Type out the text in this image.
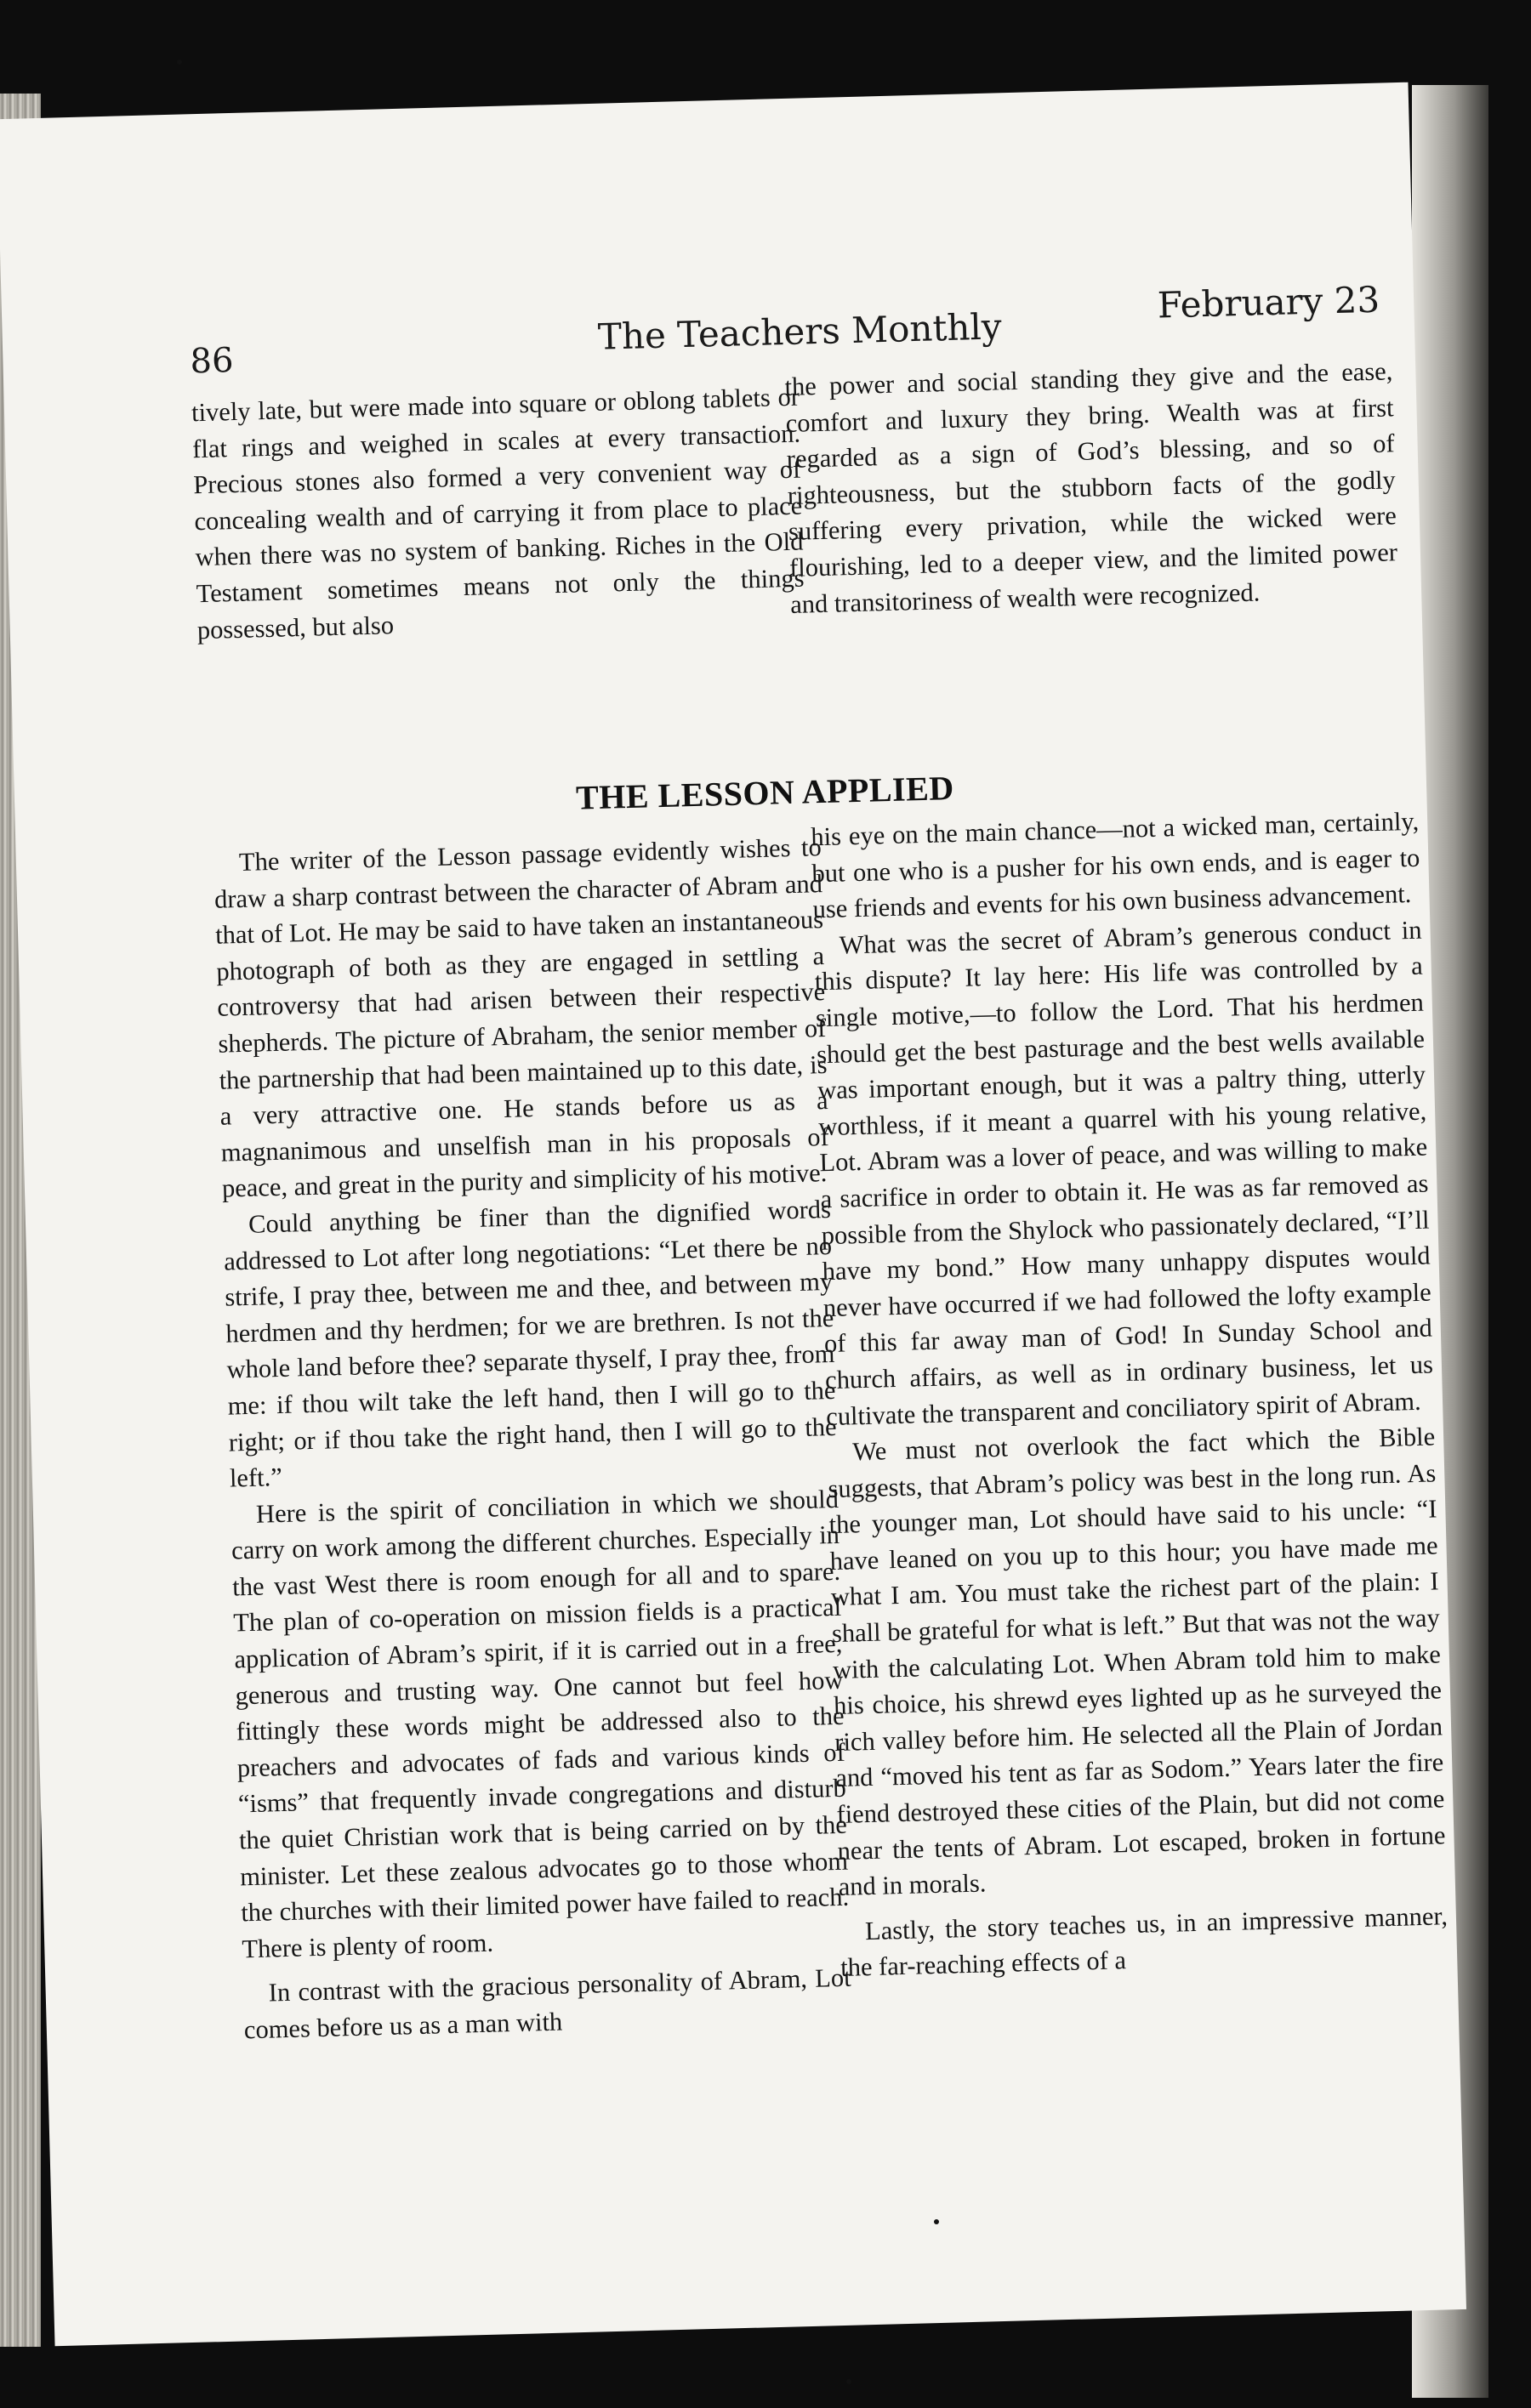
86
The Teachers Monthly
February 23

tively late, but were made into square or oblong tablets or flat rings and weighed in scales at every transaction. Precious stones also formed a very convenient way of concealing wealth and of carrying it from place to place when there was no system of banking. Riches in the Old Testament sometimes means not only the things possessed, but also

the power and social standing they give and the ease, comfort and luxury they bring. Wealth was at first regarded as a sign of God’s blessing, and so of righteousness, but the stubborn facts of the godly suffering every privation, while the wicked were flourishing, led to a deeper view, and the limited power and transitoriness of wealth were recognized.

THE LESSON APPLIED

The writer of the Lesson passage evidently wishes to draw a sharp contrast between the character of Abram and that of Lot. He may be said to have taken an instantaneous photograph of both as they are engaged in settling a controversy that had arisen between their respective shepherds. The picture of Abraham, the senior member of the partnership that had been maintained up to this date, is a very attractive one. He stands before us as a magnanimous and unselfish man in his proposals of peace, and great in the purity and simplicity of his motive.

Could anything be finer than the dignified words addressed to Lot after long negotiations: “Let there be no strife, I pray thee, between me and thee, and between my herdmen and thy herdmen; for we are brethren. Is not the whole land before thee? separate thyself, I pray thee, from me: if thou wilt take the left hand, then I will go to the right; or if thou take the right hand, then I will go to the left.”

Here is the spirit of conciliation in which we should carry on work among the different churches. Especially in the vast West there is room enough for all and to spare. The plan of co-operation on mission fields is a practical application of Abram’s spirit, if it is carried out in a free, generous and trusting way. One cannot but feel how fittingly these words might be addressed also to the preachers and advocates of fads and various kinds of “isms” that frequently invade congregations and disturb the quiet Christian work that is being carried on by the minister. Let these zealous advocates go to those whom the churches with their limited power have failed to reach. There is plenty of room.

In contrast with the gracious personality of Abram, Lot comes before us as a man with

his eye on the main chance—not a wicked man, certainly, but one who is a pusher for his own ends, and is eager to use friends and events for his own business advancement.

What was the secret of Abram’s generous conduct in this dispute? It lay here: His life was controlled by a single motive,—to follow the Lord. That his herdmen should get the best pasturage and the best wells available was important enough, but it was a paltry thing, utterly worthless, if it meant a quarrel with his young relative, Lot. Abram was a lover of peace, and was willing to make a sacrifice in order to obtain it. He was as far removed as possible from the Shylock who passionately declared, “I’ll have my bond.” How many unhappy disputes would never have occurred if we had followed the lofty example of this far away man of God! In Sunday School and church affairs, as well as in ordinary business, let us cultivate the transparent and conciliatory spirit of Abram.

We must not overlook the fact which the Bible suggests, that Abram’s policy was best in the long run. As the younger man, Lot should have said to his uncle: “I have leaned on you up to this hour; you have made me what I am. You must take the richest part of the plain: I shall be grateful for what is left.” But that was not the way with the calculating Lot. When Abram told him to make his choice, his shrewd eyes lighted up as he surveyed the rich valley before him. He selected all the Plain of Jordan and “moved his tent as far as Sodom.” Years later the fire fiend destroyed these cities of the Plain, but did not come near the tents of Abram. Lot escaped, broken in fortune and in morals.

Lastly, the story teaches us, in an impressive manner, the far-reaching effects of a
